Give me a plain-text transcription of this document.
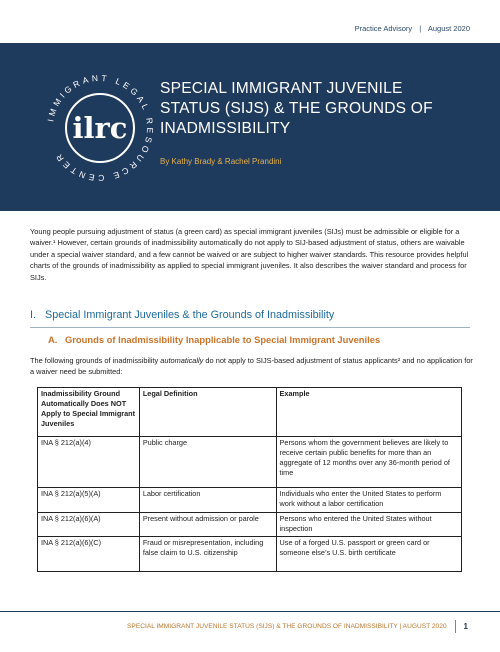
Practice Advisory | August 2020
IMMIGRANT LEGAL RESOURCE CENTER
ilrc
SPECIAL IMMIGRANT JUVENILE
STATUS (SIJS) & THE GROUNDS OF
INADMISSIBILITY
By Kathy Brady & Rachel Prandini

Young people pursuing adjustment of status (a green card) as special immigrant juveniles (SIJs) must be admissible or eligible for a waiver.¹ However, certain grounds of inadmissibility automatically do not apply to SIJ-based adjustment of status, others are waivable under a special waiver standard, and a few cannot be waived or are subject to higher waiver standards. This resource provides helpful charts of the grounds of inadmissibility as applied to special immigrant juveniles. It also describes the waiver standard and process for SIJs.

I. Special Immigrant Juveniles & the Grounds of Inadmissibility
A. Grounds of Inadmissibility Inapplicable to Special Immigrant Juveniles

The following grounds of inadmissibility automatically do not apply to SIJS-based adjustment of status applicants² and no application for a waiver need be submitted:

Inadmissibility Ground Automatically Does NOT Apply to Special Immigrant Juveniles	Legal Definition	Example
INA § 212(a)(4)	Public charge	Persons whom the government believes are likely to receive certain public benefits for more than an aggregate of 12 months over any 36-month period of time
INA § 212(a)(5)(A)	Labor certification	Individuals who enter the United States to perform work without a labor certification
INA § 212(a)(6)(A)	Present without admission or parole	Persons who entered the United States without inspection
INA § 212(a)(6)(C)	Fraud or misrepresentation, including false claim to U.S. citizenship	Use of a forged U.S. passport or green card or someone else’s U.S. birth certificate
SPECIAL IMMIGRANT JUVENILE STATUS (SIJS) & THE GROUNDS OF INADMISSIBILITY | AUGUST 2020 1
